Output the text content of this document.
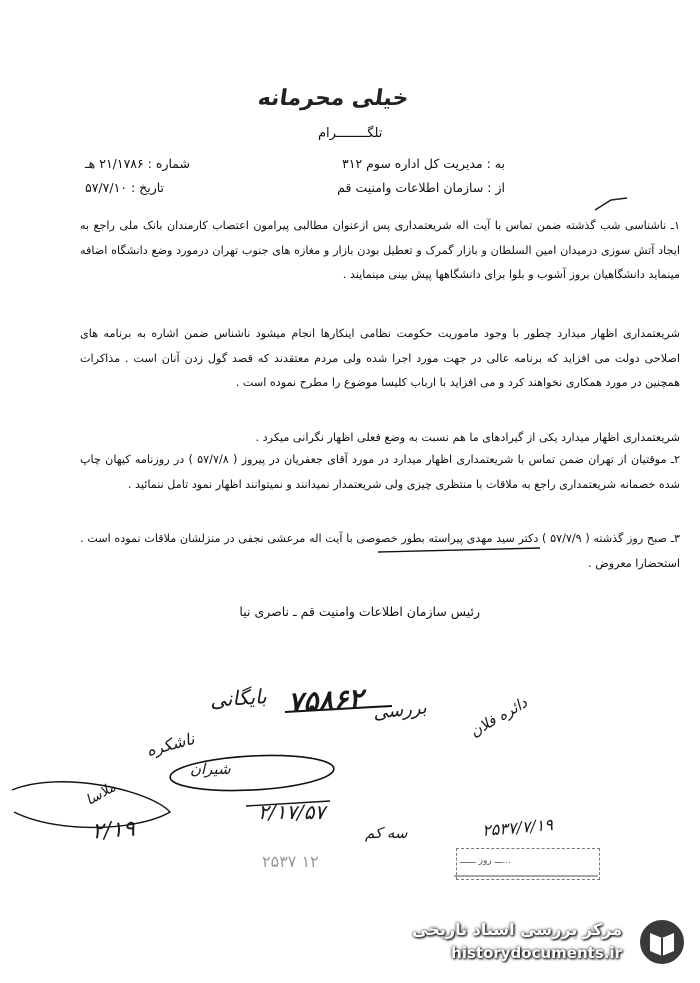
خیلی محرمانه
تلگــــــــرام
به : مدیریت کل اداره سوم ۳۱۲
از : سازمان اطلاعات وامنیت قم
شماره : ۲۱/۱۷۸۶ هـ
تاریخ : ۵۷/۷/۱۰
۱ـ ناشناسی شب گذشته ضمن تماس با آیت اله شریعتمداری پس ازعنوان مطالبی پیرامون اعتصاب کارمندان بانک ملی راجع به ایجاد آتش سوزی درمیدان امین السلطان و بازار گمرک و تعطیل بودن بازار و مغازه های جنوب تهران درمورد وضع دانشگاه اضافه مینماید دانشگاهیان بروز آشوب و بلوا برای دانشگاهها پیش بینی مینمایند .
شریعتمداری اظهار میدارد چطور با وجود ماموریت حکومت نظامی اینکارها انجام میشود ناشناس ضمن اشاره به برنامه های اصلاحی دولت می افزاید که برنامه عالی در جهت مورد اجرا شده ولی مردم معتقدند که قصد گول زدن آنان است . مذاکرات همچنین در مورد همکاری نخواهند کرد و می افزاید با ارباب کلیسا موضوع را مطرح نموده است .
شریعتمداری اظهار میدارد یکی از گیرادهای ما هم نسبت به وضع فعلی اظهار نگرانی میکرد .
۲ـ موقتیان از تهران ضمن تماس با شریعتمداری اظهار میدارد در مورد آقای جعفریان در پیروز ( ۵۷/۷/۸ ) در روزنامه کیهان چاپ شده خصمانه شریعتمداری راجع به ملاقات با منتظری چیزی ولی شریعتمدار نمیدانند و نمیتوانند اظهار نمود تامل ننمائید .
۳ـ صبح روز گذشته ( ۵۷/۷/۹ ) دکتر سید مهدی پیراسته بطور خصوصی با آیت اله مرعشی نجفی در منزلشان ملاقات نموده است . استحضارا معروض .
رئیس سازمان اطلاعات وامنیت قم ـ ناصری نیا
۷۵۸۶۲ بررسی
بایگانی	دائره فلان
ناشکره
ملاسا
شیران
۲/۱۹
۲/۱۷/۵۷
سه کم	۲۵۳۷/۷/۱۹
۲۵۳۷ ۱۲	...ـــ روز ــــــ
مرکز بررسی اسناد تاریخی
historydocuments.ir
